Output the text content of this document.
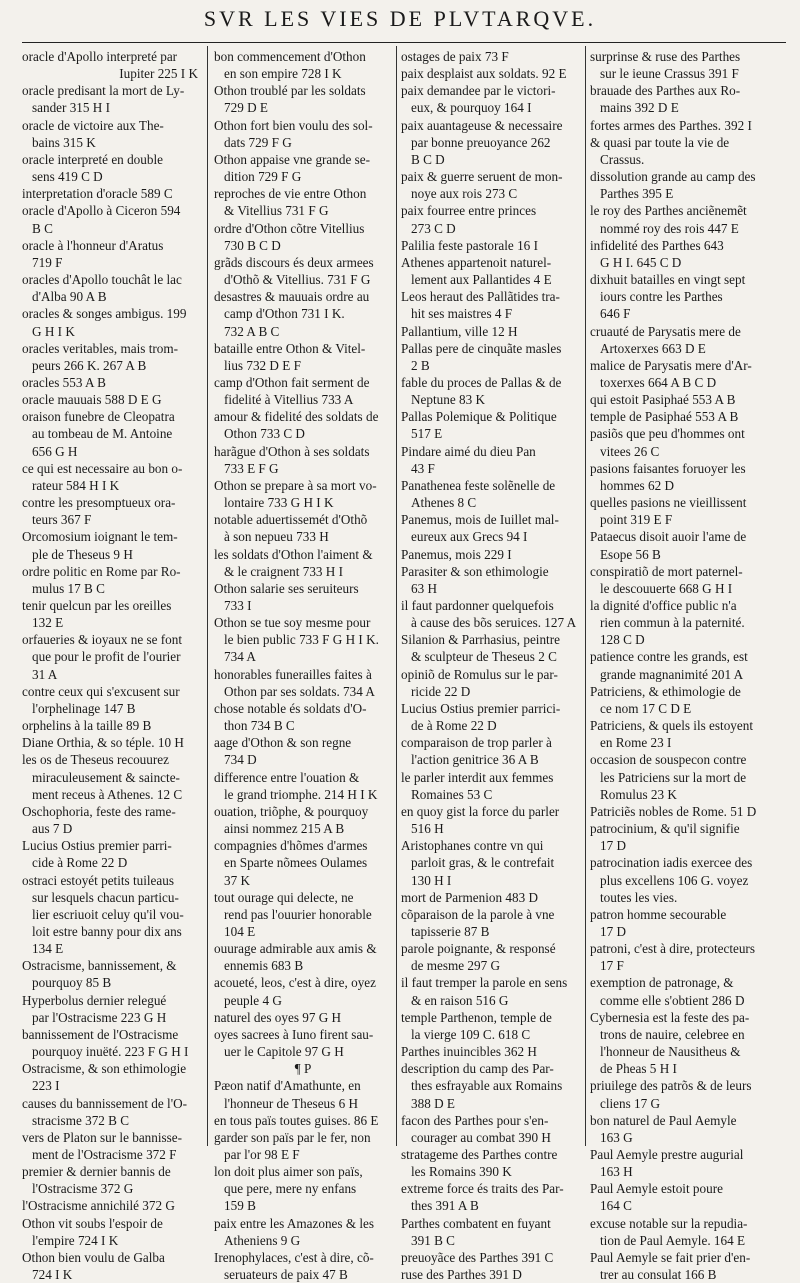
SVR LES VIES DE PLVTARQVE.
oracle d'Apollo interpreté par
Iupiter 225 I K
oracle predisant la mort de Ly-
sander 315 H I
oracle de victoire aux The-
bains 315 K
oracle interpreté en double
sens 419 C D
interpretation d'oracle 589 C
oracle d'Apollo à Ciceron 594
B C
oracle à l'honneur d'Aratus
719 F
oracles d'Apollo touchât le lac
d'Alba 90 A B
oracles & songes ambigus. 199
G H I K
oracles veritables, mais trom-
peurs 266 K. 267 A B
oracles 553 A B
oracle mauuais 588 D E G
oraison funebre de Cleopatra
au tombeau de M. Antoine
656 G H
ce qui est necessaire au bon o-
rateur 584 H I K
contre les presomptueux ora-
teurs 367 F
Orcomosium ioignant le tem-
ple de Theseus 9 H
ordre politic en Rome par Ro-
mulus 17 B C
tenir quelcun par les oreilles
132 E
orfaueries & ioyaux ne se font
que pour le profit de l'ourier
31 A
contre ceux qui s'excusent sur
l'orphelinage 147 B
orphelins à la taille 89 B
Diane Orthia, & so téple. 10 H
les os de Theseus recouurez
miraculeusement & saincte-
ment receus à Athenes. 12 C
Oschophoria, feste des rame-
aus 7 D
Lucius Ostius premier parri-
cide à Rome 22 D
ostraci estoyét petits tuileaus
sur lesquels chacun particu-
lier escriuoit celuy qu'il vou-
loit estre banny pour dix ans
134 E
Ostracisme, bannissement, &
pourquoy 85 B
Hyperbolus dernier relegué
par l'Ostracisme 223 G H
bannissement de l'Ostracisme
pourquoy inuëté. 223 F G H I
Ostracisme, & son ethimologie
223 I
causes du bannissement de l'O-
stracisme 372 B C
vers de Platon sur le bannisse-
ment de l'Ostracisme 372 F
premier & dernier bannis de
l'Ostracisme 372 G
l'Ostracisme annichilé 372 G
Othon vit soubs l'espoir de
l'empire 724 I K
Othon bien voulu de Galba
724 I K
bon commencement d'Othon
en son empire 728 I K
Othon troublé par les soldats
729 D E
Othon fort bien voulu des sol-
dats 729 F G
Othon appaise vne grande se-
dition 729 F G
reproches de vie entre Othon
& Vitellius 731 F G
ordre d'Othon cõtre Vitellius
730 B C D
grãds discours és deux armees
d'Othõ & Vitellius. 731 F G
desastres & mauuais ordre au
camp d'Othon 731 I K.
732 A B C
bataille entre Othon & Vitel-
lius 732 D E F
camp d'Othon fait serment de
fidelité à Vitellius 733 A
amour & fidelité des soldats de
Othon 733 C D
harãgue d'Othon à ses soldats
733 E F G
Othon se prepare à sa mort vo-
lontaire 733 G H I K
notable aduertissemét d'Othõ
à son nepueu 733 H
les soldats d'Othon l'aiment &
& le craignent 733 H I
Othon salarie ses seruiteurs
733 I
Othon se tue soy mesme pour
le bien public 733 F G H I K.
734 A
honorables funerailles faites à
Othon par ses soldats. 734 A
chose notable és soldats d'O-
thon 734 B C
aage d'Othon & son regne
734 D
difference entre l'ouation &
le grand triomphe. 214 H I K
ouation, triõphe, & pourquoy
ainsi nommez 215 A B
compagnies d'hõmes d'armes
en Sparte nõmees Oulames
37 K
tout ourage qui delecte, ne
rend pas l'ouurier honorable
104 E
ouurage admirable aux amis &
ennemis 683 B
acoueté, leos, c'est à dire, oyez
peuple 4 G
naturel des oyes 97 G H
oyes sacrees à Iuno firent sau-
uer le Capitole 97 G H
¶ P
Pæon natif d'Amathunte, en
l'honneur de Theseus 6 H
en tous païs toutes guises. 86 E
garder son païs par le fer, non
par l'or 98 E F
lon doit plus aimer son païs,
que pere, mere ny enfans
159 B
paix entre les Amazones & les
Atheniens 9 G
Irenophylaces, c'est à dire, cõ-
seruateurs de paix 47 B
ostages de paix 73 F
paix desplaist aux soldats. 92 E
paix demandee par le victori-
eux, & pourquoy 164 I
paix auantageuse & necessaire
par bonne preuoyance 262
B C D
paix & guerre seruent de mon-
noye aux rois 273 C
paix fourree entre princes
273 C D
Palilia feste pastorale 16 I
Athenes appartenoit naturel-
lement aux Pallantides 4 E
Leos heraut des Pallãtides tra-
hit ses maistres 4 F
Pallantium, ville 12 H
Pallas pere de cinquãte masles
2 B
fable du proces de Pallas & de
Neptune 83 K
Pallas Polemique & Politique
517 E
Pindare aimé du dieu Pan
43 F
Panathenea feste solẽnelle de
Athenes 8 C
Panemus, mois de Iuillet mal-
eureux aux Grecs 94 I
Panemus, mois 229 I
Parasiter & son ethimologie
63 H
il faut pardonner quelquefois
à cause des bõs seruices. 127 A
Silanion & Parrhasius, peintre
& sculpteur de Theseus 2 C
opiniõ de Romulus sur le par-
ricide 22 D
Lucius Ostius premier parrici-
de à Rome 22 D
comparaison de trop parler à
l'action genitrice 36 A B
le parler interdit aux femmes
Romaines 53 C
en quoy gist la force du parler
516 H
Aristophanes contre vn qui
parloit gras, & le contrefait
130 H I
mort de Parmenion 483 D
cõparaison de la parole à vne
tapisserie 87 B
parole poignante, & responsé
de mesme 297 G
il faut tremper la parole en sens
& en raison 516 G
temple Parthenon, temple de
la vierge 109 C. 618 C
Parthes inuincibles 362 H
description du camp des Par-
thes esfrayable aux Romains
388 D E
facon des Parthes pour s'en-
courager au combat 390 H
stratageme des Parthes contre
les Romains 390 K
extreme force és traits des Par-
thes 391 A B
Parthes combatent en fuyant
391 B C
preuoyãce des Parthes 391 C
ruse des Parthes 391 D
surprinse & ruse des Parthes
sur le ieune Crassus 391 F
brauade des Parthes aux Ro-
mains 392 D E
fortes armes des Parthes. 392 I
& quasi par toute la vie de
Crassus.
dissolution grande au camp des
Parthes 395 E
le roy des Parthes anciẽnemẽt
nommé roy des rois 447 E
infidelité des Parthes 643
G H I. 645 C D
dixhuit batailles en vingt sept
iours contre les Parthes
646 F
cruauté de Parysatis mere de
Artoxerxes 663 D E
malice de Parysatis mere d'Ar-
toxerxes 664 A B C D
qui estoit Pasiphaé 553 A B
temple de Pasiphaé 553 A B
pasiõs que peu d'hommes ont
vitees 26 C
pasions faisantes foruoyer les
hommes 62 D
quelles pasions ne vieillissent
point 319 E F
Pataecus disoit auoir l'ame de
Esope 56 B
conspiratiõ de mort paternel-
le descouuerte 668 G H I
la dignité d'office public n'a
rien commun à la paternité.
128 C D
patience contre les grands, est
grande magnanimité 201 A
Patriciens, & ethimologie de
ce nom 17 C D E
Patriciens, & quels ils estoyent
en Rome 23 I
occasion de souspecon contre
les Patriciens sur la mort de
Romulus 23 K
Patriciẽs nobles de Rome. 51 D
patrocinium, & qu'il signifie
17 D
patrocination iadis exercee des
plus excellens 106 G. voyez
toutes les vies.
patron homme secourable
17 D
patroni, c'est à dire, protecteurs
17 F
exemption de patronage, &
comme elle s'obtient 286 D
Cybernesia est la feste des pa-
trons de nauire, celebree en
l'honneur de Nausitheus &
de Pheas 5 H I
priuilege des patrõs & de leurs
cliens 17 G
bon naturel de Paul Aemyle
163 G
Paul Aemyle prestre augurial
163 H
Paul Aemyle estoit poure
164 C
excuse notable sur la repudia-
tion de Paul Aemyle. 164 E
Paul Aemyle se fait prier d'en-
trer au consulat 166 B
